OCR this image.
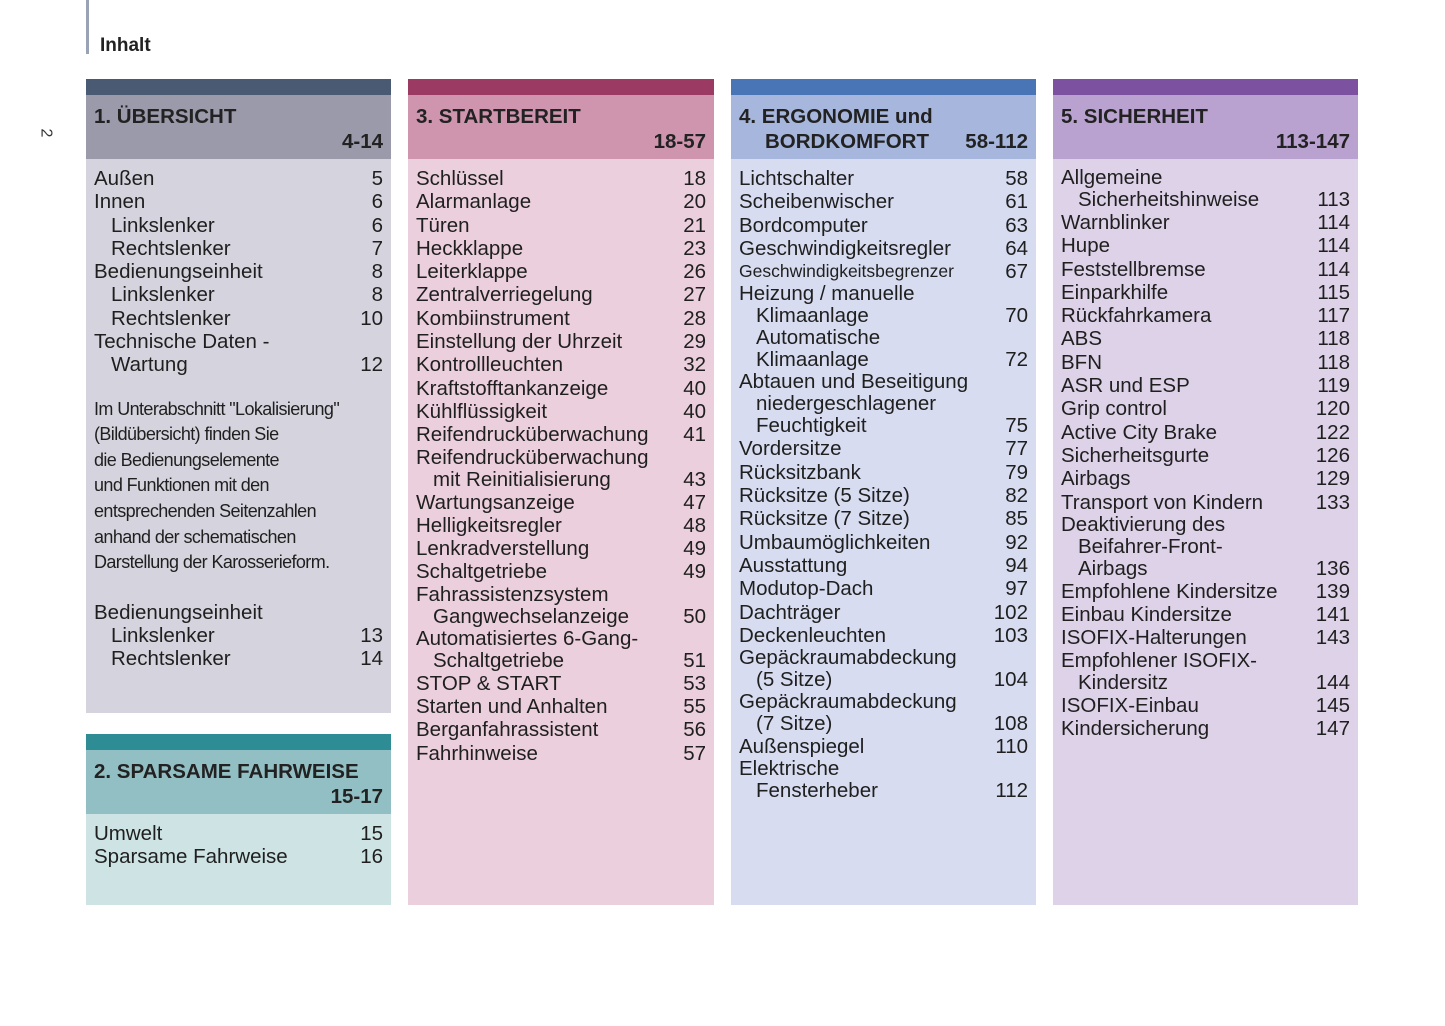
Inhalt
2
1. ÜBERSICHT
4-14
Außen	5
Innen	6
Linkslenker	6
Rechtslenker	7
Bedienungseinheit	8
Linkslenker	8
Rechtslenker	10
Technische Daten -
Wartung	12
Im Unterabschnitt "Lokalisierung"
(Bildübersicht) finden Sie
die Bedienungselemente
und Funktionen mit den
entsprechenden Seitenzahlen
anhand der schematischen
Darstellung der Karosserieform.
Bedienungseinheit
Linkslenker	13
Rechtslenker	14
2. SPARSAME FAHRWEISE
15-17
Umwelt	15
Sparsame Fahrweise	16
3. STARTBEREIT
18-57
Schlüssel	18
Alarmanlage	20
Türen	21
Heckklappe	23
Leiterklappe	26
Zentralverriegelung	27
Kombiinstrument	28
Einstellung der Uhrzeit	29
Kontrollleuchten	32
Kraftstofftankanzeige	40
Kühlflüssigkeit	40
Reifendrucküberwachung	41
Reifendrucküberwachung
mit Reinitialisierung	43
Wartungsanzeige	47
Helligkeitsregler	48
Lenkradverstellung	49
Schaltgetriebe	49
Fahrassistenzsystem
Gangwechselanzeige	50
Automatisiertes 6-Gang-
Schaltgetriebe	51
STOP & START	53
Starten und Anhalten	55
Berganfahrassistent	56
Fahrhinweise	57
4. ERGONOMIE und
BORDKOMFORT 58-112
Lichtschalter	58
Scheibenwischer	61
Bordcomputer	63
Geschwindigkeitsregler	64
Geschwindigkeitsbegrenzer	67
Heizung / manuelle
Klimaanlage	70
Automatische
Klimaanlage	72
Abtauen und Beseitigung
niedergeschlagener
Feuchtigkeit	75
Vordersitze	77
Rücksitzbank	79
Rücksitze (5 Sitze)	82
Rücksitze (7 Sitze)	85
Umbaumöglichkeiten	92
Ausstattung	94
Modutop-Dach	97
Dachträger	102
Deckenleuchten	103
Gepäckraumabdeckung
(5 Sitze)	104
Gepäckraumabdeckung
(7 Sitze)	108
Außenspiegel	110
Elektrische
Fensterheber	112
5. SICHERHEIT
113-147
Allgemeine
Sicherheitshinweise	113
Warnblinker	114
Hupe	114
Feststellbremse	114
Einparkhilfe	115
Rückfahrkamera	117
ABS	118
BFN	118
ASR und ESP	119
Grip control	120
Active City Brake	122
Sicherheitsgurte	126
Airbags	129
Transport von Kindern	133
Deaktivierung des
Beifahrer-Front-
Airbags	136
Empfohlene Kindersitze	139
Einbau Kindersitze	141
ISOFIX-Halterungen	143
Empfohlener ISOFIX-
Kindersitz	144
ISOFIX-Einbau	145
Kindersicherung	147
